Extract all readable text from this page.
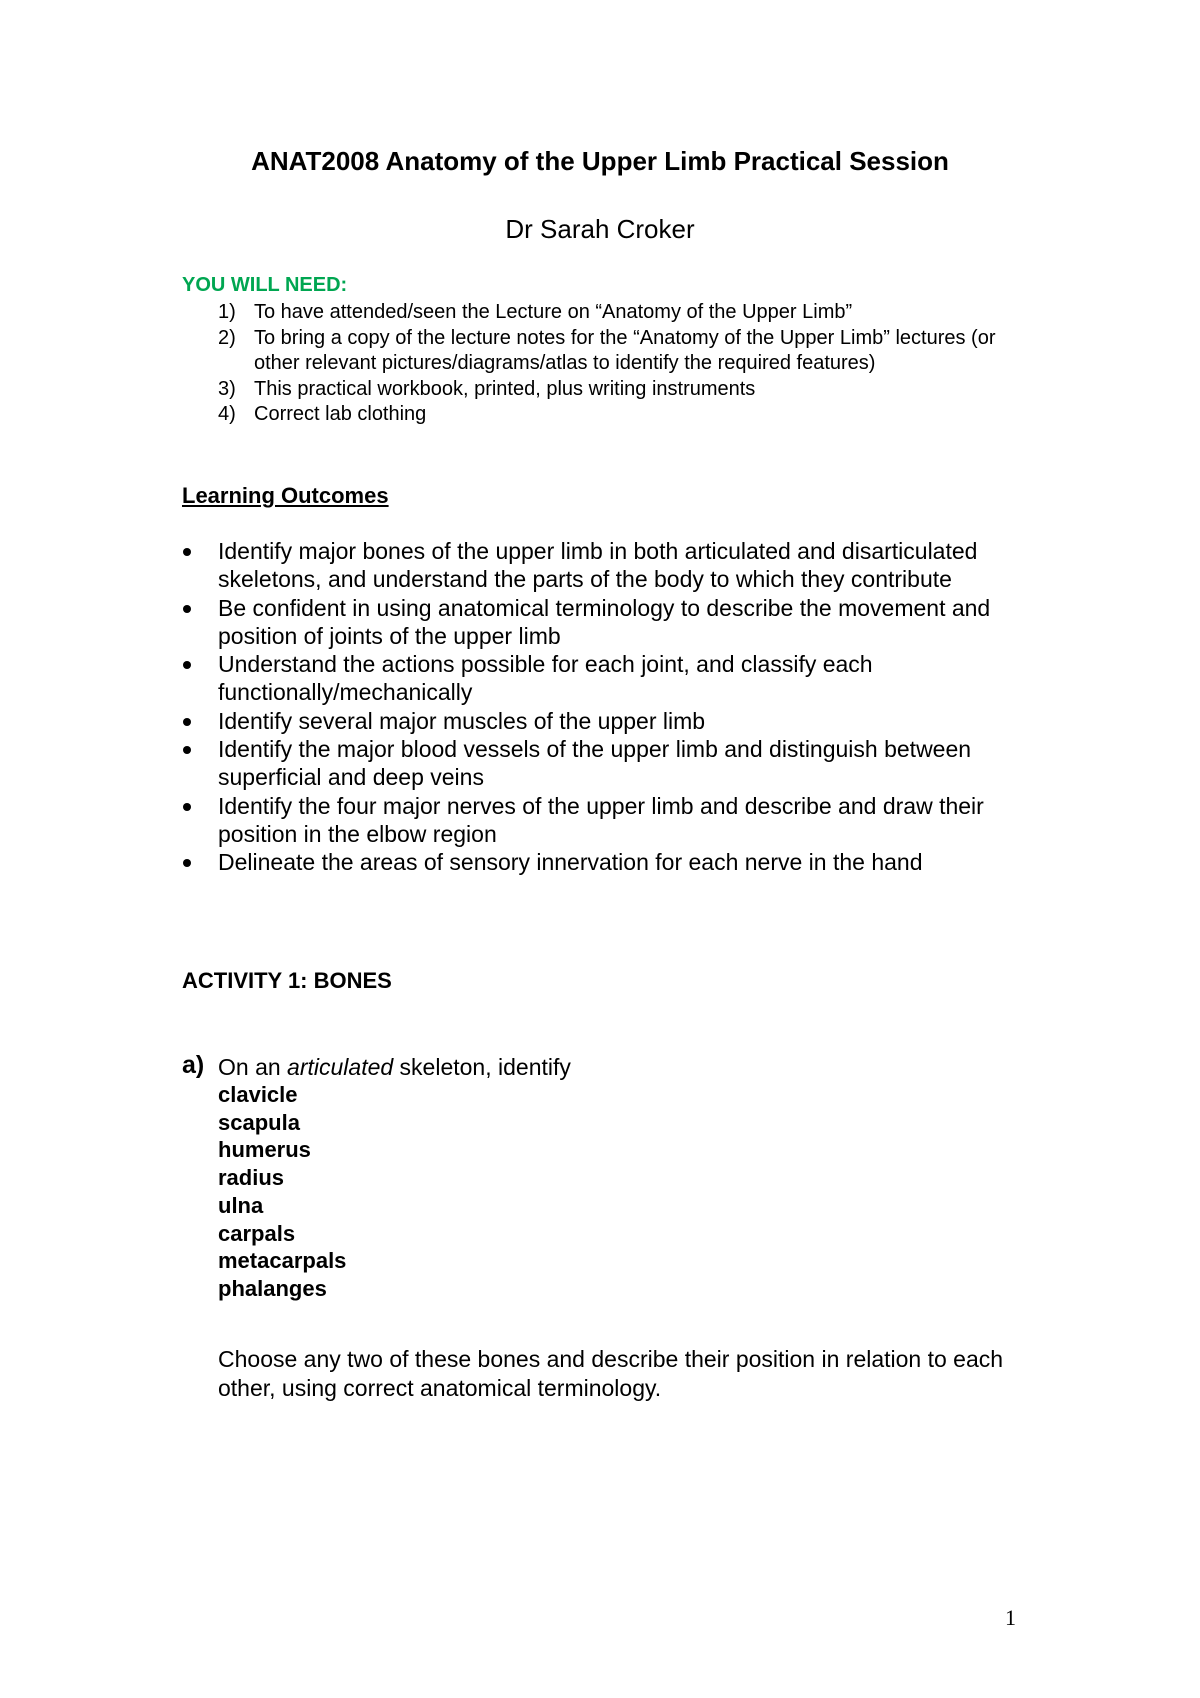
ANAT2008 Anatomy of the Upper Limb Practical Session
Dr Sarah Croker
YOU WILL NEED:
1) To have attended/seen the Lecture on “Anatomy of the Upper Limb”
2) To bring a copy of the lecture notes for the “Anatomy of the Upper Limb” lectures (or other relevant pictures/diagrams/atlas to identify the required features)
3) This practical workbook, printed, plus writing instruments
4) Correct lab clothing
Learning Outcomes
Identify major bones of the upper limb in both articulated and disarticulated skeletons, and understand the parts of the body to which they contribute
Be confident in using anatomical terminology to describe the movement and position of joints of the upper limb
Understand the actions possible for each joint, and classify each functionally/mechanically
Identify several major muscles of the upper limb
Identify the major blood vessels of the upper limb and distinguish between superficial and deep veins
Identify the four major nerves of the upper limb and describe and draw their position in the elbow region
Delineate the areas of sensory innervation for each nerve in the hand
ACTIVITY 1: BONES
a) On an articulated skeleton, identify
clavicle
scapula
humerus
radius
ulna
carpals
metacarpals
phalanges
Choose any two of these bones and describe their position in relation to each other, using correct anatomical terminology.
1
